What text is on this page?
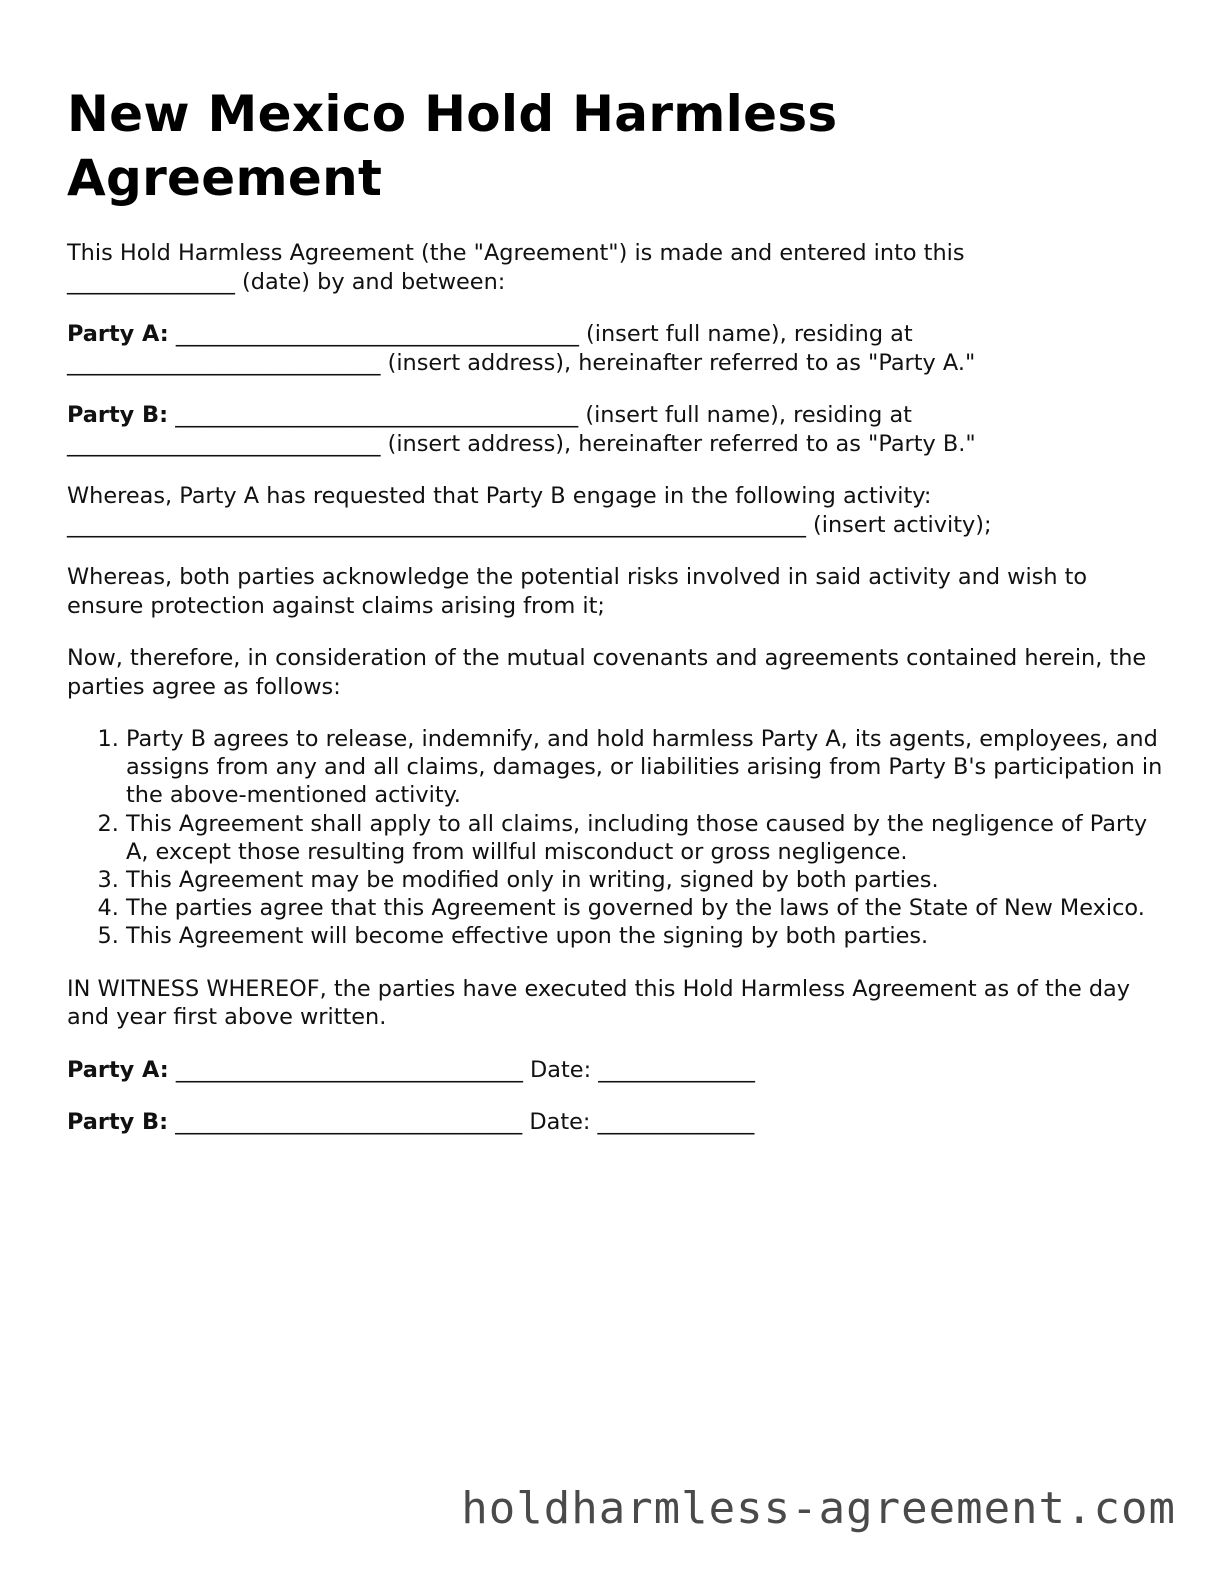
New Mexico Hold Harmless Agreement

This Hold Harmless Agreement (the "Agreement") is made and entered into this
_______________ (date) by and between:

Party A: ____________________________________ (insert full name), residing at
____________________________ (insert address), hereinafter referred to as "Party A."

Party B: ____________________________________ (insert full name), residing at
____________________________ (insert address), hereinafter referred to as "Party B."

Whereas, Party A has requested that Party B engage in the following activity:
__________________________________________________________________ (insert activity);

Whereas, both parties acknowledge the potential risks involved in said activity and wish to ensure protection against claims arising from it;

Now, therefore, in consideration of the mutual covenants and agreements contained herein, the parties agree as follows:

1. Party B agrees to release, indemnify, and hold harmless Party A, its agents, employees, and assigns from any and all claims, damages, or liabilities arising from Party B's participation in the above-mentioned activity.
2. This Agreement shall apply to all claims, including those caused by the negligence of Party A, except those resulting from willful misconduct or gross negligence.
3. This Agreement may be modified only in writing, signed by both parties.
4. The parties agree that this Agreement is governed by the laws of the State of New Mexico.
5. This Agreement will become effective upon the signing by both parties.

IN WITNESS WHEREOF, the parties have executed this Hold Harmless Agreement as of the day and year first above written.

Party A: _______________________________ Date: ______________

Party B: _______________________________ Date: ______________

holdharmless-agreement.com
